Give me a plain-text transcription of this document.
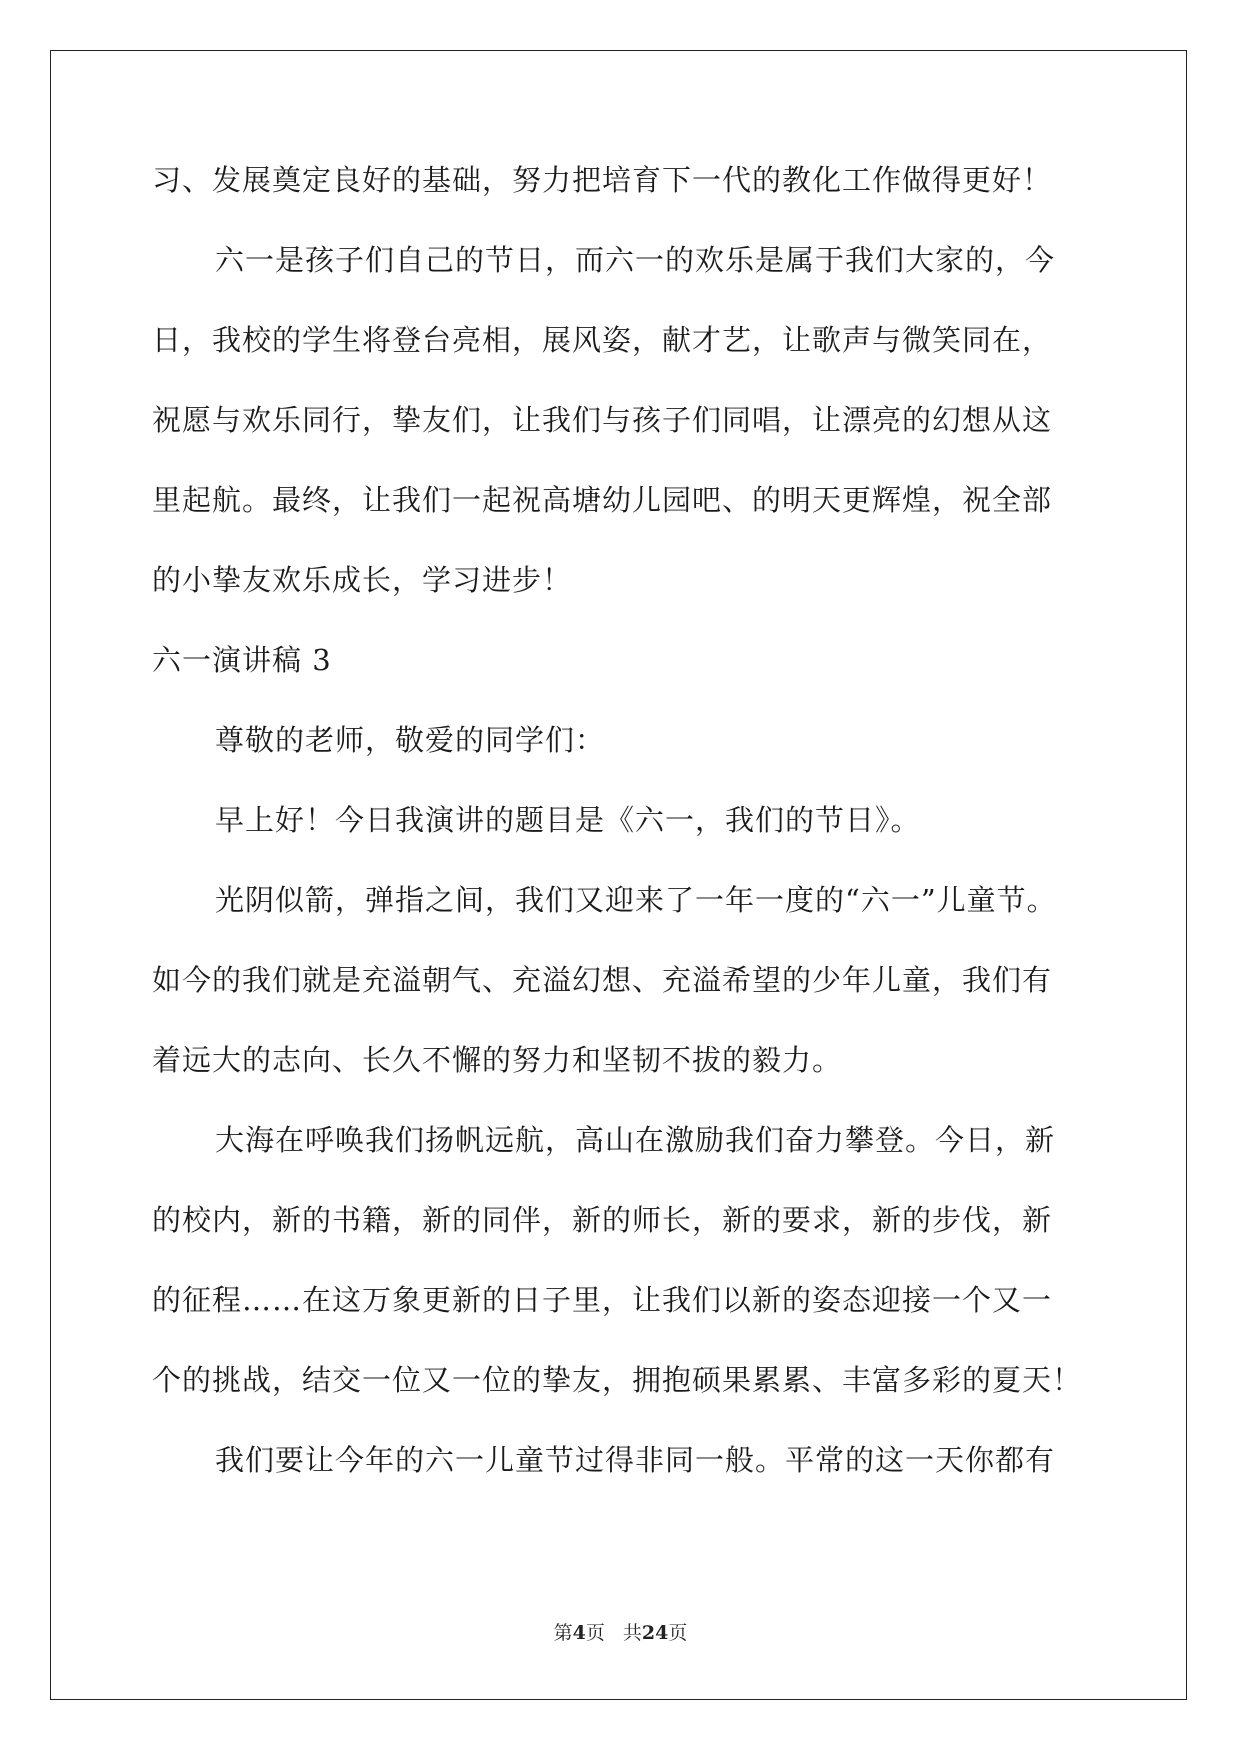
习、发展奠定良好的基础，努力把培育下一代的教化工作做得更好！
六一是孩子们自己的节日，而六一的欢乐是属于我们大家的，今
日，我校的学生将登台亮相，展风姿，献才艺，让歌声与微笑同在，
祝愿与欢乐同行，挚友们，让我们与孩子们同唱，让漂亮的幻想从这
里起航。最终，让我们一起祝高塘幼儿园吧、的明天更辉煌，祝全部
的小挚友欢乐成长，学习进步！
六一演讲稿 3
尊敬的老师，敬爱的同学们：
早上好！今日我演讲的题目是《六一，我们的节日》。
光阴似箭，弹指之间，我们又迎来了一年一度的“六一”儿童节。
如今的我们就是充溢朝气、充溢幻想、充溢希望的少年儿童，我们有
着远大的志向、长久不懈的努力和坚韧不拔的毅力。
大海在呼唤我们扬帆远航，高山在激励我们奋力攀登。今日，新
的校内，新的书籍，新的同伴，新的师长，新的要求，新的步伐，新
的征程……在这万象更新的日子里，让我们以新的姿态迎接一个又一
个的挑战，结交一位又一位的挚友，拥抱硕果累累、丰富多彩的夏天！
我们要让今年的六一儿童节过得非同一般。平常的这一天你都有
第4页 共24页
